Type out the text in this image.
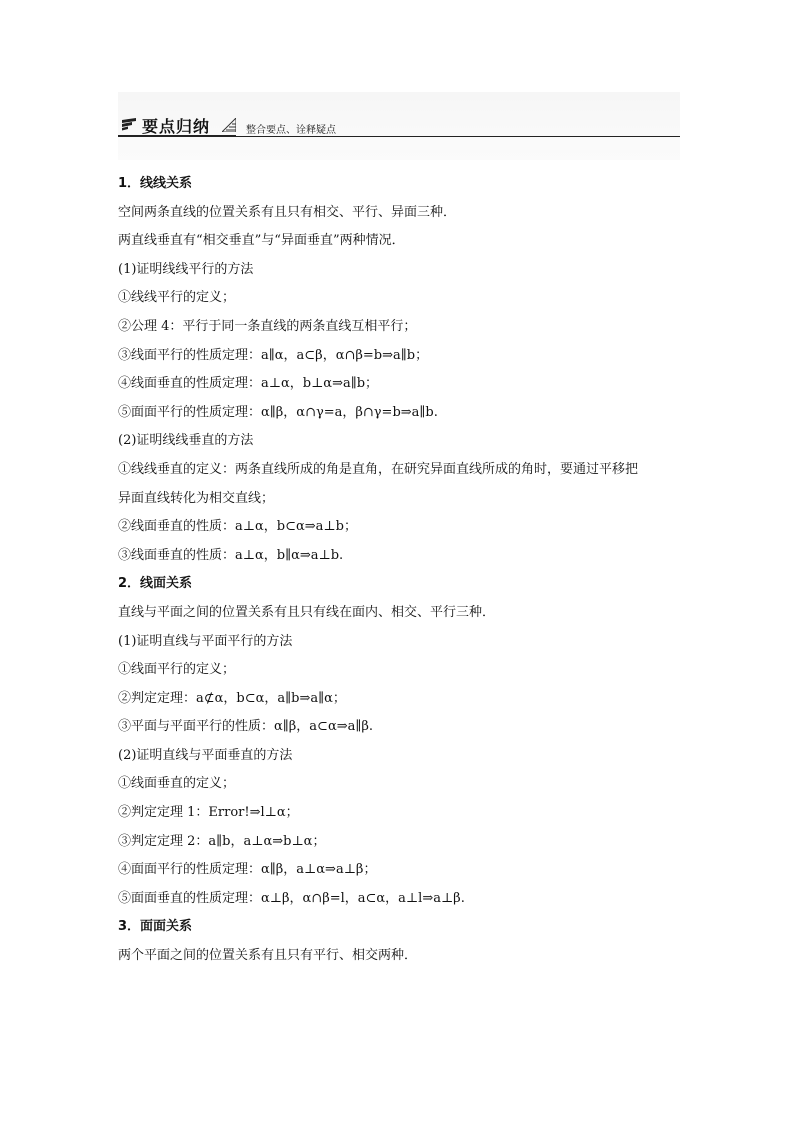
要点归纳	整合要点、诠释疑点
1．线线关系
空间两条直线的位置关系有且只有相交、平行、异面三种．
两直线垂直有“相交垂直”与“异面垂直”两种情况．
(1)证明线线平行的方法
①线线平行的定义；
②公理 4：平行于同一条直线的两条直线互相平行；
③线面平行的性质定理：a∥α，a⊂β，α∩β=b⇒a∥b；
④线面垂直的性质定理：a⊥α，b⊥α⇒a∥b；
⑤面面平行的性质定理：α∥β，α∩γ=a，β∩γ=b⇒a∥b.
(2)证明线线垂直的方法
①线线垂直的定义：两条直线所成的角是直角，在研究异面直线所成的角时，要通过平移把
异面直线转化为相交直线；
②线面垂直的性质：a⊥α，b⊂α⇒a⊥b；
③线面垂直的性质：a⊥α，b∥α⇒a⊥b.
2．线面关系
直线与平面之间的位置关系有且只有线在面内、相交、平行三种．
(1)证明直线与平面平行的方法
①线面平行的定义；
②判定定理：a⊄α，b⊂α，a∥b⇒a∥α；
③平面与平面平行的性质：α∥β，a⊂α⇒a∥β.
(2)证明直线与平面垂直的方法
①线面垂直的定义；
②判定定理 1：Error!⇒l⊥α；
③判定定理 2：a∥b，a⊥α⇒b⊥α；
④面面平行的性质定理：α∥β，a⊥α⇒a⊥β；
⑤面面垂直的性质定理：α⊥β，α∩β=l，a⊂α，a⊥l⇒a⊥β.
3．面面关系
两个平面之间的位置关系有且只有平行、相交两种．
